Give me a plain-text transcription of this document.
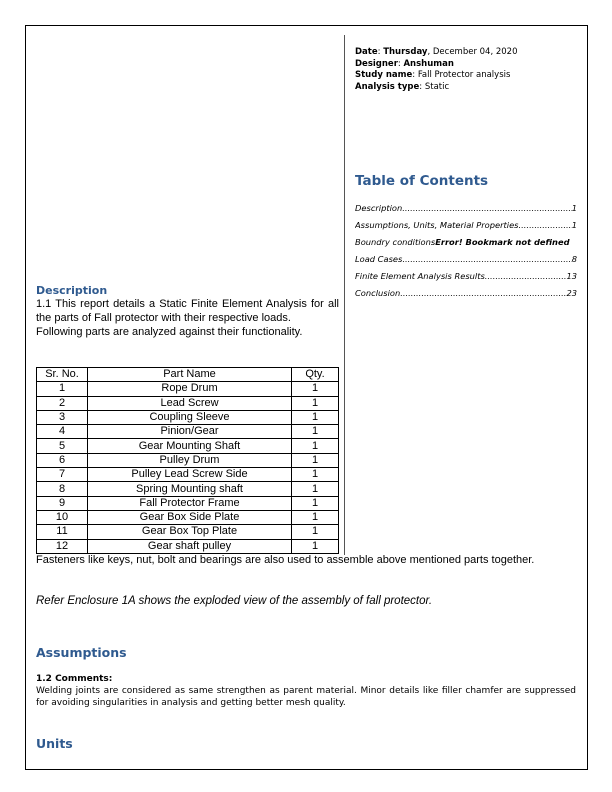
Date: Thursday, December 04, 2020
Designer: Anshuman
Study name: Fall Protector analysis
Analysis type: Static
Table of Contents
Description .....	1
Assumptions, Units, Material Properties .....	1
Boundry conditions Error! Bookmark not defined
Load Cases .....	8
Finite Element Analysis Results .....	13
Conclusion .....	23
Description
1.1 This report details a Static Finite Element Analysis for all the parts of Fall protector with their respective loads.
Following parts are analyzed against their functionality.
Sr. No.	Part Name	Qty.
1	Rope Drum	1
2	Lead Screw	1
3	Coupling Sleeve	1
4	Pinion/Gear	1
5	Gear Mounting Shaft	1
6	Pulley Drum	1
7	Pulley Lead Screw Side	1
8	Spring Mounting shaft	1
9	Fall Protector Frame	1
10	Gear Box Side Plate	1
11	Gear Box Top Plate	1
12	Gear shaft pulley	1
Fasteners like keys, nut, bolt and bearings are also used to assemble above mentioned parts together.
Refer Enclosure 1A shows the exploded view of the assembly of fall protector.
Assumptions
1.2 Comments:
Welding joints are considered as same strengthen as parent material. Minor details like filler chamfer are suppressed for avoiding singularities in analysis and getting better mesh quality.
Units
